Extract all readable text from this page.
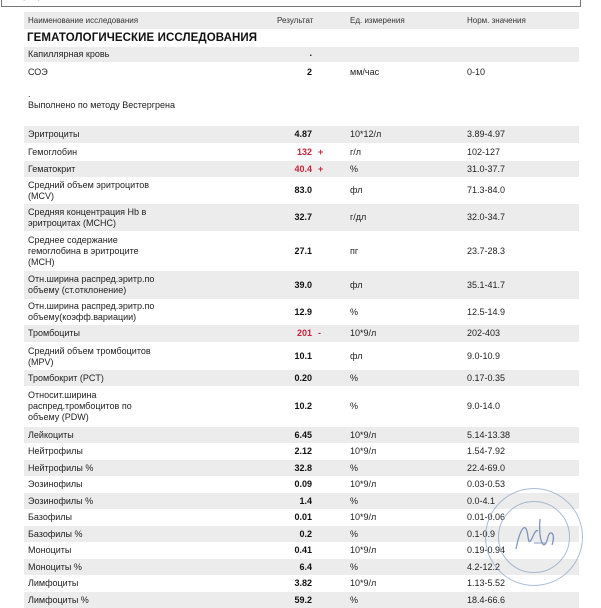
Наименование исследования	Результат	Ед. измерения	Норм. значения
ГЕМАТОЛОГИЧЕСКИЕ ИССЛЕДОВАНИЯ
Капиллярная кровь	.
СОЭ	2	мм/час	0-10
.
Выполнено по методу Вестергрена
Эритроциты	4.87	10*12/л	3.89-4.97
Гемоглобин	132 +	г/л	102-127
Гематокрит	40.4 +	%	31.0-37.7
Средний объем эритроцитов
(MCV)
83.0	фл	71.3-84.0
Средняя концентрация Hb в
эритроцитах (MCHC)
32.7	г/дл	32.0-34.7
Среднее содержание
гемоглобина в эритроците
(MCH)
27.1	пг	23.7-28.3
Отн.ширина распред.эритр.по
объему (ст.отклонение)	39.0	фл	35.1-41.7
Отн.ширина распред.эритр.по
объему(коэфф.вариации)	12.9	%	12.5-14.9
Тромбоциты	201 -	10*9/л	202-403
Средний объем тромбоцитов
(MPV)
10.1	фл	9.0-10.9
Тромбокрит (PCT)	0.20	%	0.17-0.35
Относит.ширина
распред.тромбоцитов по
объему (PDW)
10.2	%	9.0-14.0
Лейкоциты	6.45	10*9/л	5.14-13.38
Нейтрофилы	2.12	10*9/л	1.54-7.92
Нейтрофилы %	32.8	%	22.4-69.0
Эозинофилы	0.09	10*9/л	0.03-0.53
Эозинофилы %	1.4	%	0.0-4.1
Базофилы	0.01	10*9/л	0.01-0.06
Базофилы %	0.2	%	0.1-0.9
Моноциты	0.41	10*9/л	0.19-0.94
Моноциты %	6.4	%	4.2-12.2
Лимфоциты	3.82	10*9/л	1.13-5.52
Лимфоциты %	59.2	%	18.4-66.6
